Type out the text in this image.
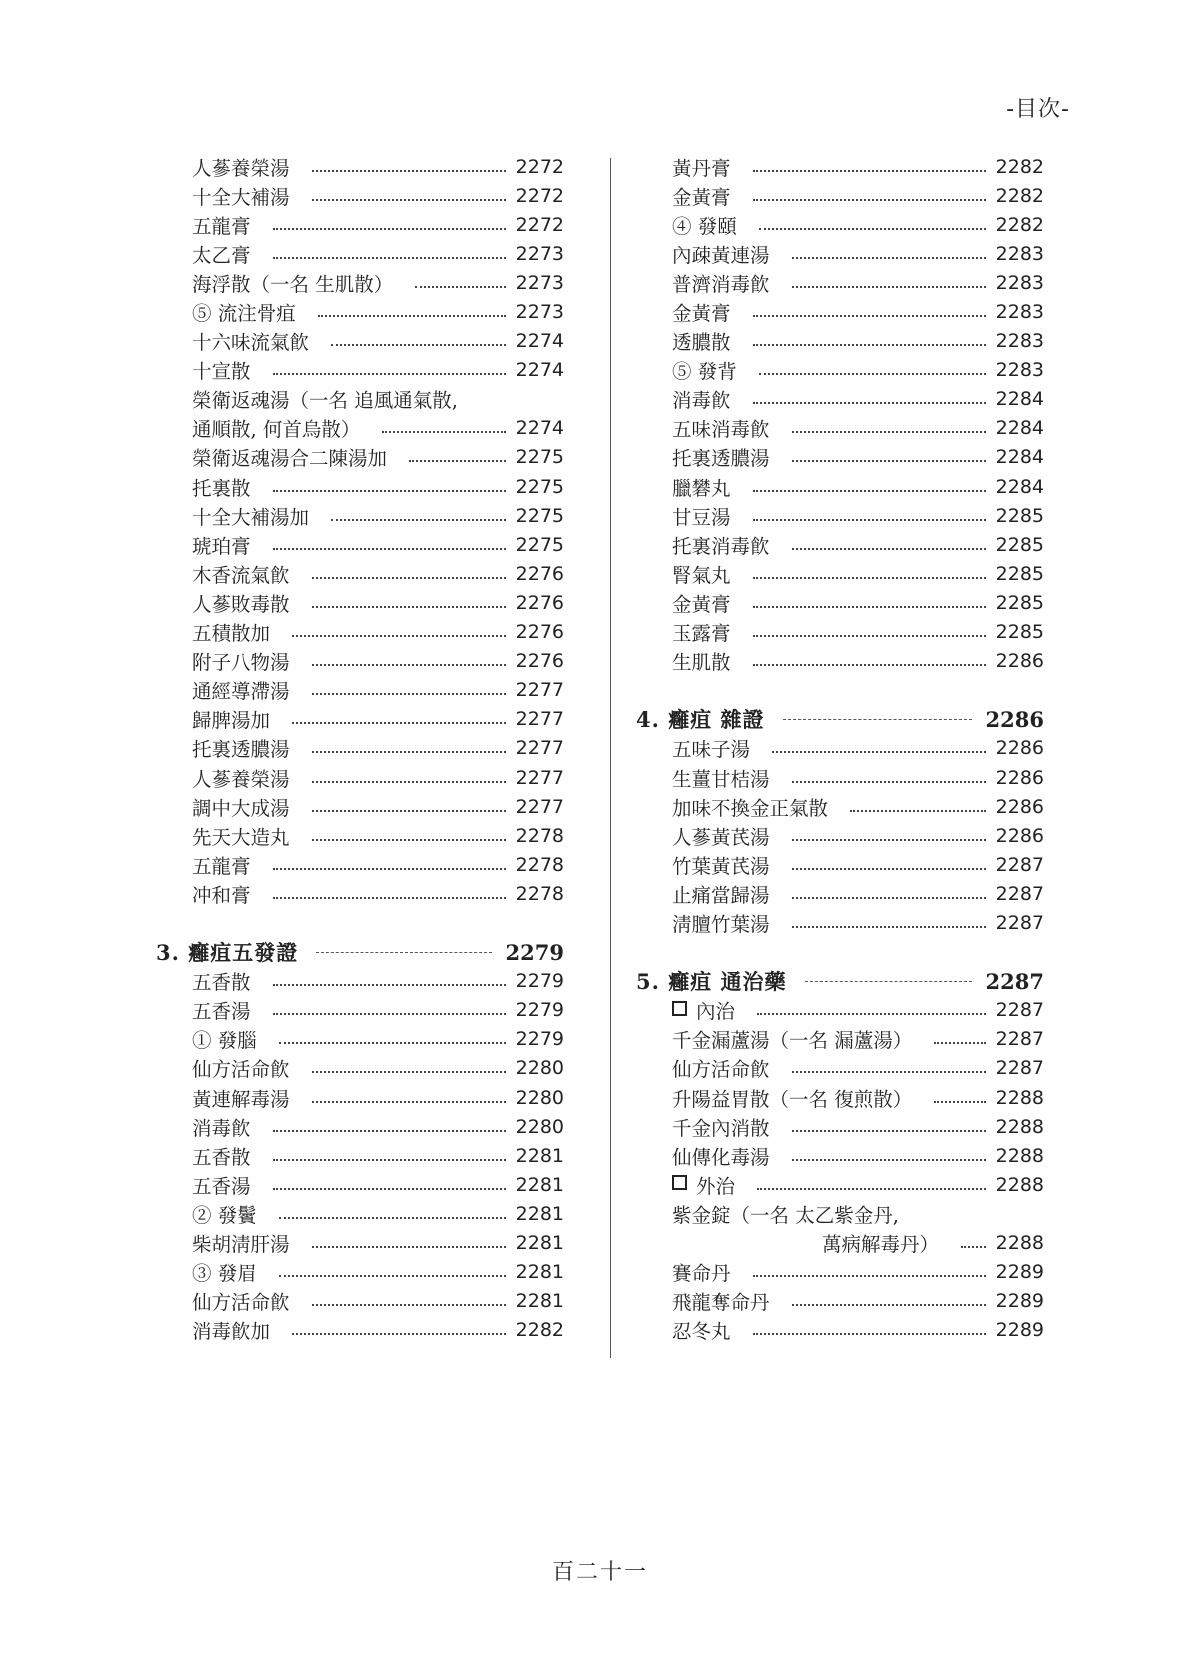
-目次-
人蔘養榮湯	2272
十全大補湯	2272
五龍膏	2272
太乙膏	2273
海浮散（一名 生肌散）	2273
⑤ 流注骨疽	2273
十六味流氣飮	2274
十宣散	2274
榮衛返魂湯（一名 追風通氣散,
通順散, 何首烏散）	2274
榮衛返魂湯合二陳湯加	2275
托裏散	2275
十全大補湯加	2275
琥珀膏	2275
木香流氣飮	2276
人蔘敗毒散	2276
五積散加	2276
附子八物湯	2276
通經導滯湯	2277
歸脾湯加	2277
托裏透膿湯	2277
人蔘養榮湯	2277
調中大成湯	2277
先天大造丸	2278
五龍膏	2278
冲和膏	2278
3. 癰疽五發證	2279
五香散	2279
五香湯	2279
① 發腦	2279
仙方活命飮	2280
黃連解毒湯	2280
消毒飮	2280
五香散	2281
五香湯	2281
② 發鬢	2281
柴胡淸肝湯	2281
③ 發眉	2281
仙方活命飮	2281
消毒飮加	2282
黃丹膏	2282
金黃膏	2282
④ 發頤	2282
內疎黃連湯	2283
普濟消毒飮	2283
金黃膏	2283
透膿散	2283
⑤ 發背	2283
消毒飮	2284
五味消毒飮	2284
托裏透膿湯	2284
臘礬丸	2284
甘豆湯	2285
托裏消毒飮	2285
腎氣丸	2285
金黃膏	2285
玉露膏	2285
生肌散	2286
4. 癰疽 雜證	2286
五味子湯	2286
生薑甘桔湯	2286
加味不換金正氣散	2286
人蔘黃芪湯	2286
竹葉黃芪湯	2287
止痛當歸湯	2287
淸膻竹葉湯	2287
5. 癰疽 通治藥	2287
內治	2287
千金漏蘆湯（一名 漏蘆湯）	2287
仙方活命飮	2287
升陽益胃散（一名 復煎散）	2288
千金內消散	2288
仙傳化毒湯	2288
外治	2288
紫金錠（一名 太乙紫金丹,
萬病解毒丹）	2288
賽命丹	2289
飛龍奪命丹	2289
忍冬丸	2289
百二十一
